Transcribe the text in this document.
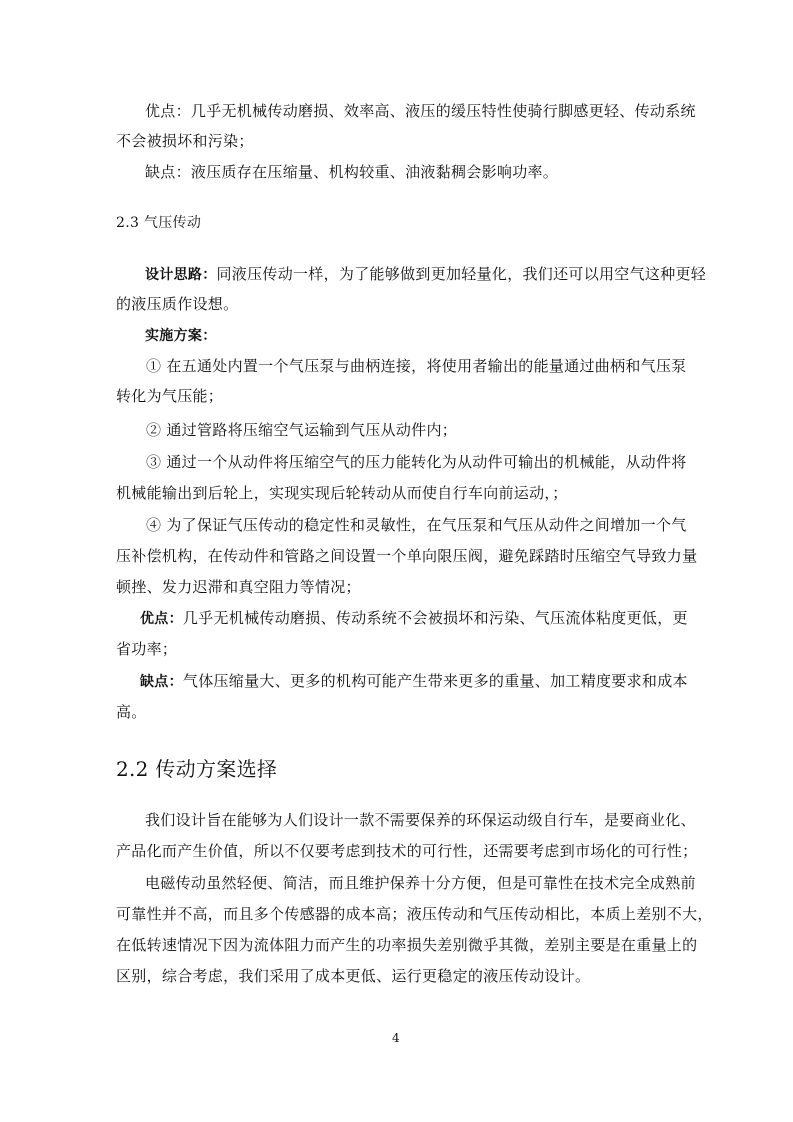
优点：几乎无机械传动磨损、效率高、液压的缓压特性使骑行脚感更轻、传动系统
不会被损坏和污染；
缺点：液压质存在压缩量、机构较重、油液黏稠会影响功率。
2.3 气压传动
设计思路：同液压传动一样，为了能够做到更加轻量化，我们还可以用空气这种更轻
的液压质作设想。
实施方案：
① 在五通处内置一个气压泵与曲柄连接，将使用者输出的能量通过曲柄和气压泵
转化为气压能；
② 通过管路将压缩空气运输到气压从动件内；
③ 通过一个从动件将压缩空气的压力能转化为从动件可输出的机械能，从动件将
机械能输出到后轮上，实现实现后轮转动从而使自行车向前运动，；
④ 为了保证气压传动的稳定性和灵敏性，在气压泵和气压从动件之间增加一个气
压补偿机构，在传动件和管路之间设置一个单向限压阀，避免踩踏时压缩空气导致力量
顿挫、发力迟滞和真空阻力等情况；
优点：几乎无机械传动磨损、传动系统不会被损坏和污染、气压流体粘度更低，更
省功率；
缺点：气体压缩量大、更多的机构可能产生带来更多的重量、加工精度要求和成本
高。
2.2 传动方案选择
我们设计旨在能够为人们设计一款不需要保养的环保运动级自行车，是要商业化、
产品化而产生价值，所以不仅要考虑到技术的可行性，还需要考虑到市场化的可行性；
电磁传动虽然轻便、简洁，而且维护保养十分方便，但是可靠性在技术完全成熟前
可靠性并不高，而且多个传感器的成本高；液压传动和气压传动相比，本质上差别不大，
在低转速情况下因为流体阻力而产生的功率损失差别微乎其微，差别主要是在重量上的
区别，综合考虑，我们采用了成本更低、运行更稳定的液压传动设计。
4
